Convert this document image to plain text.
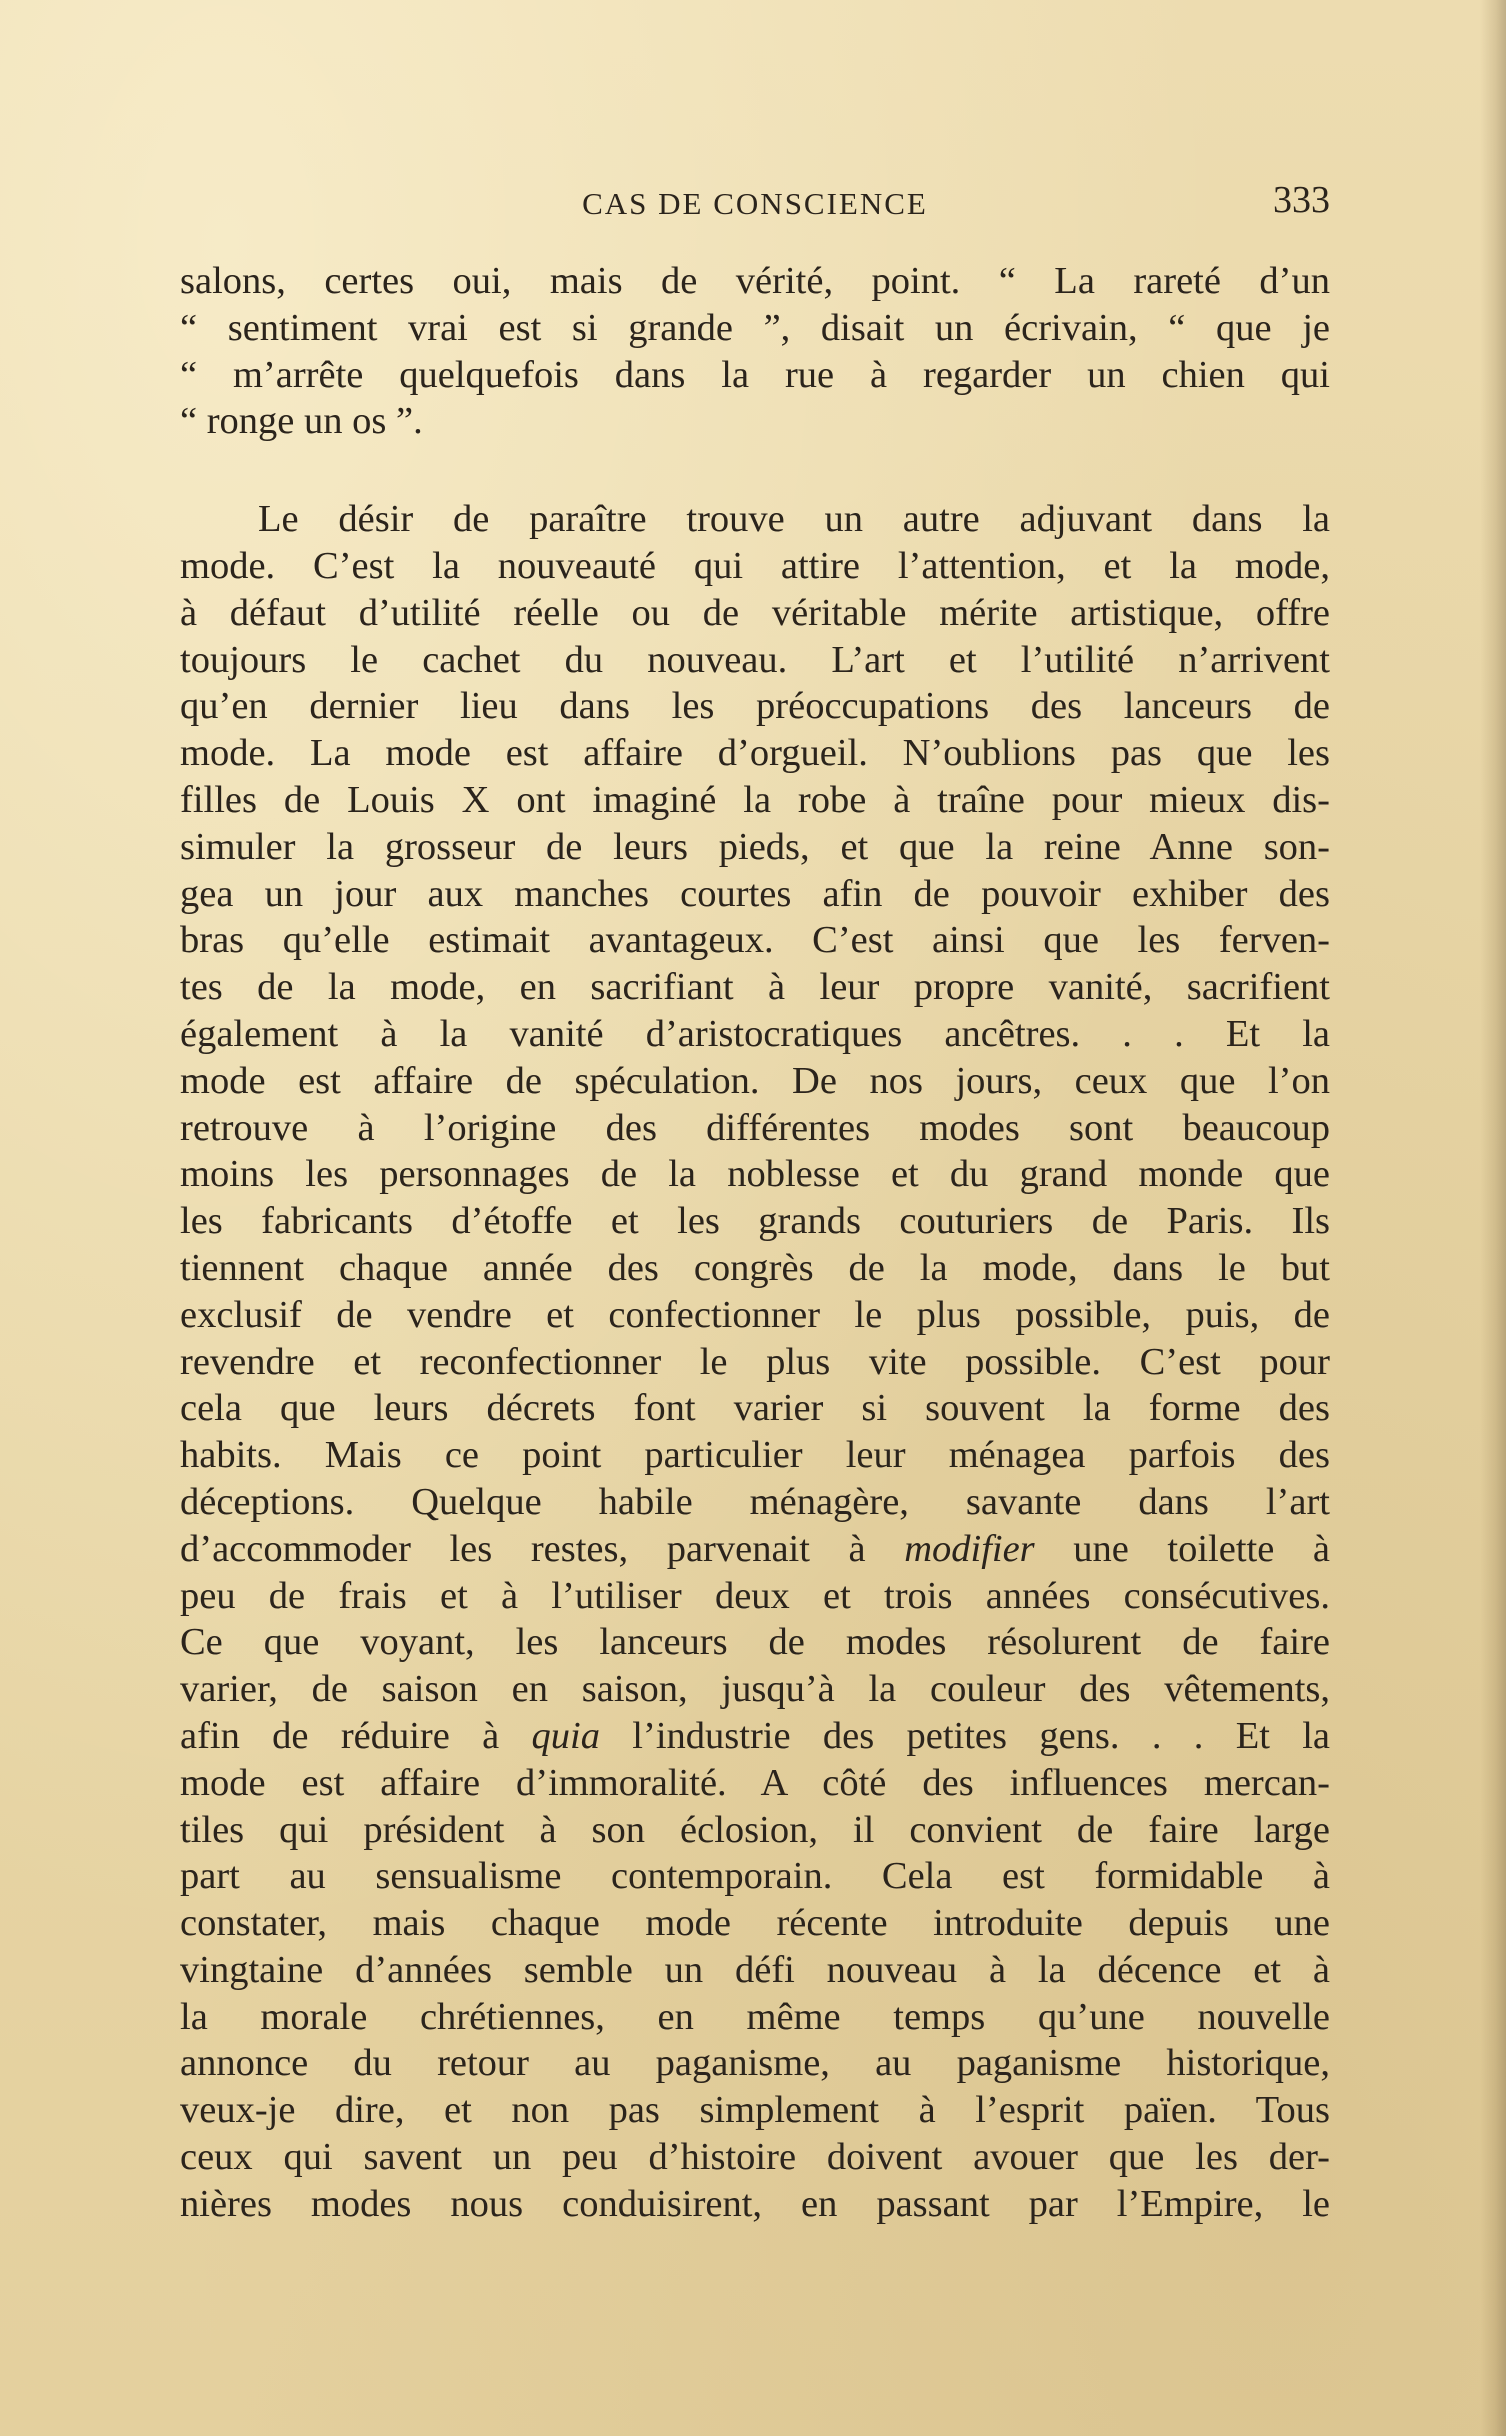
CAS DE CONSCIENCE	333
salons, certes oui, mais de vérité, point. “ La rareté d’un
“ sentiment vrai est si grande ”, disait un écrivain, “ que je
“ m’arrête quelquefois dans la rue à regarder un chien qui
“ ronge un os ”.
Le désir de paraître trouve un autre adjuvant dans la
mode. C’est la nouveauté qui attire l’attention, et la mode,
à défaut d’utilité réelle ou de véritable mérite artistique, offre
toujours le cachet du nouveau. L’art et l’utilité n’arrivent
qu’en dernier lieu dans les préoccupations des lanceurs de
mode. La mode est affaire d’orgueil. N’oublions pas que les
filles de Louis X ont imaginé la robe à traîne pour mieux dis-
simuler la grosseur de leurs pieds, et que la reine Anne son-
gea un jour aux manches courtes afin de pouvoir exhiber des
bras qu’elle estimait avantageux. C’est ainsi que les ferven-
tes de la mode, en sacrifiant à leur propre vanité, sacrifient
également à la vanité d’aristocratiques ancêtres. . . Et la
mode est affaire de spéculation. De nos jours, ceux que l’on
retrouve à l’origine des différentes modes sont beaucoup
moins les personnages de la noblesse et du grand monde que
les fabricants d’étoffe et les grands couturiers de Paris. Ils
tiennent chaque année des congrès de la mode, dans le but
exclusif de vendre et confectionner le plus possible, puis, de
revendre et reconfectionner le plus vite possible. C’est pour
cela que leurs décrets font varier si souvent la forme des
habits. Mais ce point particulier leur ménagea parfois des
déceptions. Quelque habile ménagère, savante dans l’art
d’accommoder les restes, parvenait à modifier une toilette à
peu de frais et à l’utiliser deux et trois années consécutives.
Ce que voyant, les lanceurs de modes résolurent de faire
varier, de saison en saison, jusqu’à la couleur des vêtements,
afin de réduire à quia l’industrie des petites gens. . . Et la
mode est affaire d’immoralité. A côté des influences mercan-
tiles qui président à son éclosion, il convient de faire large
part au sensualisme contemporain. Cela est formidable à
constater, mais chaque mode récente introduite depuis une
vingtaine d’années semble un défi nouveau à la décence et à
la morale chrétiennes, en même temps qu’une nouvelle
annonce du retour au paganisme, au paganisme historique,
veux-je dire, et non pas simplement à l’esprit païen. Tous
ceux qui savent un peu d’histoire doivent avouer que les der-
nières modes nous conduisirent, en passant par l’Empire, le
